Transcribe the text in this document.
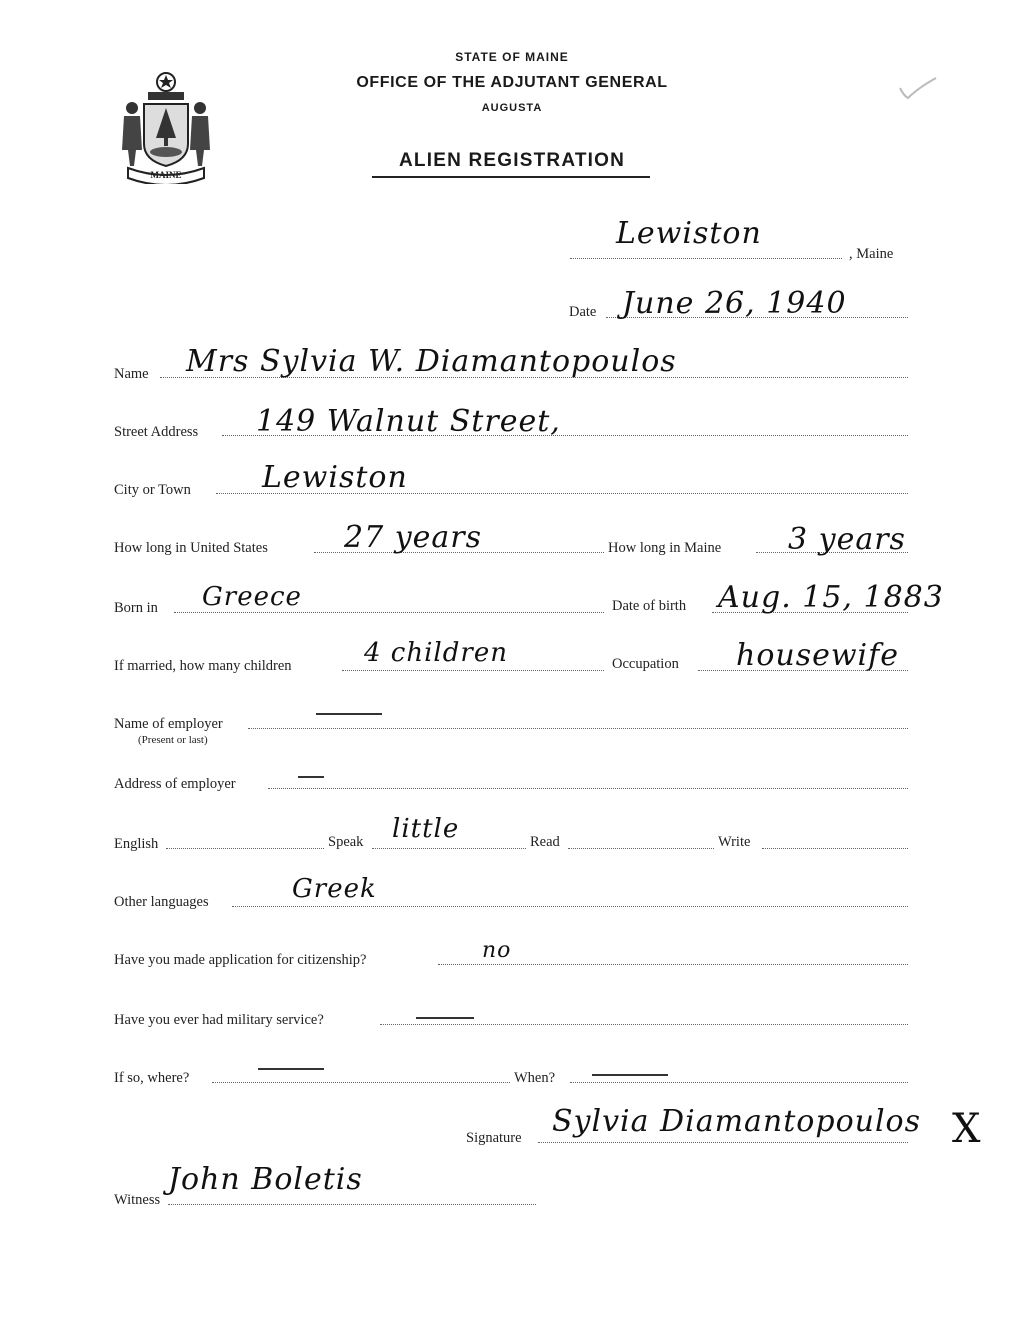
MAINE
STATE OF MAINE
OFFICE OF THE ADJUTANT GENERAL
AUGUSTA
ALIEN REGISTRATION
Lewiston
, Maine
Date June 26, 1940
Name Mrs Sylvia W. Diamantopoulos
Street Address 149 Walnut Street,
City or Town Lewiston
How long in United States	27 years	How long in Maine 3 years
Born in Greece	Date of birth Aug. 15, 1883
If married, how many children	4 children	Occupation housewife
Name of employer
(Present or last)
Address of employer
English	Speak little	Read	Write
Other languages	Greek
Have you made application for citizenship?	no
Have you ever had military service?
If so, where?	When?
Signature Sylvia Diamantopoulos X
Witness
John Boletis
